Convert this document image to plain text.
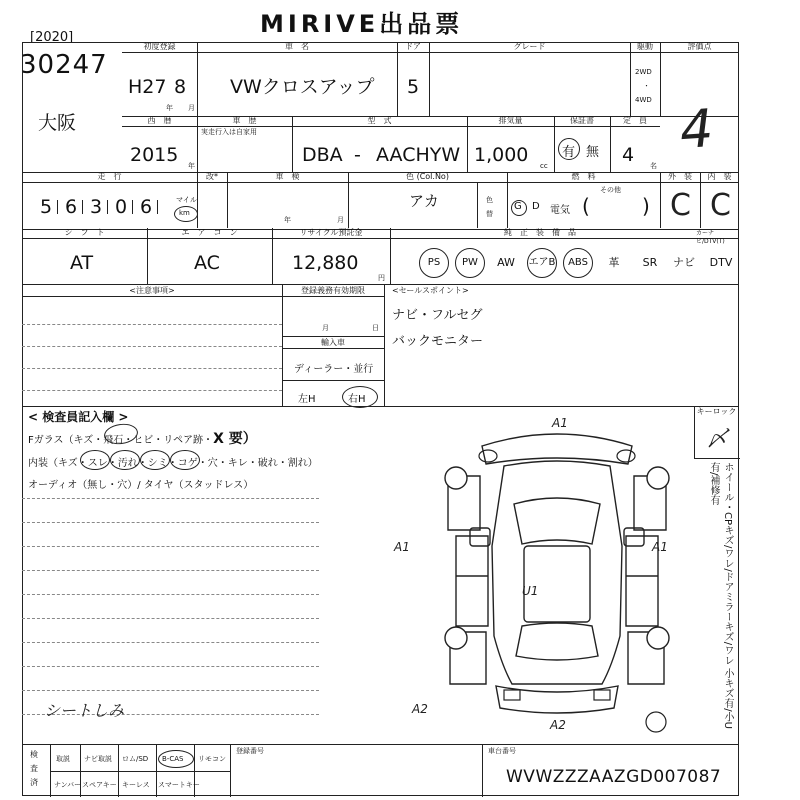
MIRIVE出品票
[2020]
30247
大阪
初度登録
H27 8
年 月
車　名
VWクロスアップ
ドア
5
グレード	駆動
2WD
・
4WD
評価点
4
西　暦
2015 年
車　歴
実走行入は自家用
型　式
DBA - AACHYW
排気量
1,000 cc
保証書
有 無
定　員
4 名
走　行
5 6 3 0 6	マイル
km
改*	車　検
年	月
色 (Col.No)
アカ	色
替
燃　料
G D 電気
その他
(	)
外　装
C
内　装
C
シ　フ　ト
AT
エ　ア　コ　ン
AC
リサイクル預託金
12,880
円
純　正　装　備　品	カーナビ/DTV(T)
PS	PW	AW	エアB	ABS	革	SR	ナビ	DTV
<注意事項>	登録義務有効期限
月	日
輸入車
ディーラー・並行
左H	右H
<セールスポイント>
ナビ・フルセグ
バックモニター
< 検査員記入欄 >
Fガラス（キズ・飛石・ヒビ・リペア跡・X 要）
内装（キズ・スレ・汚れ・シミ・コゲ・穴・キレ・破れ・割れ）
オーディオ（無し・穴）/ タイヤ（スタッドレス）
シートしみ
キーロック
〆
ホイール・CPキズ/ワレ/ドアミラーキズ/ワレ 小キズ有/小U有/補修有
A1
A1	A1
U1
A2
A2
検
査
済
取説 ナビ取説 ロム/SD B-CAS リモコン
ナンバー スペアキー キーレス スマートキー
登録番号	車台番号
WVWZZZAAZGD007087
